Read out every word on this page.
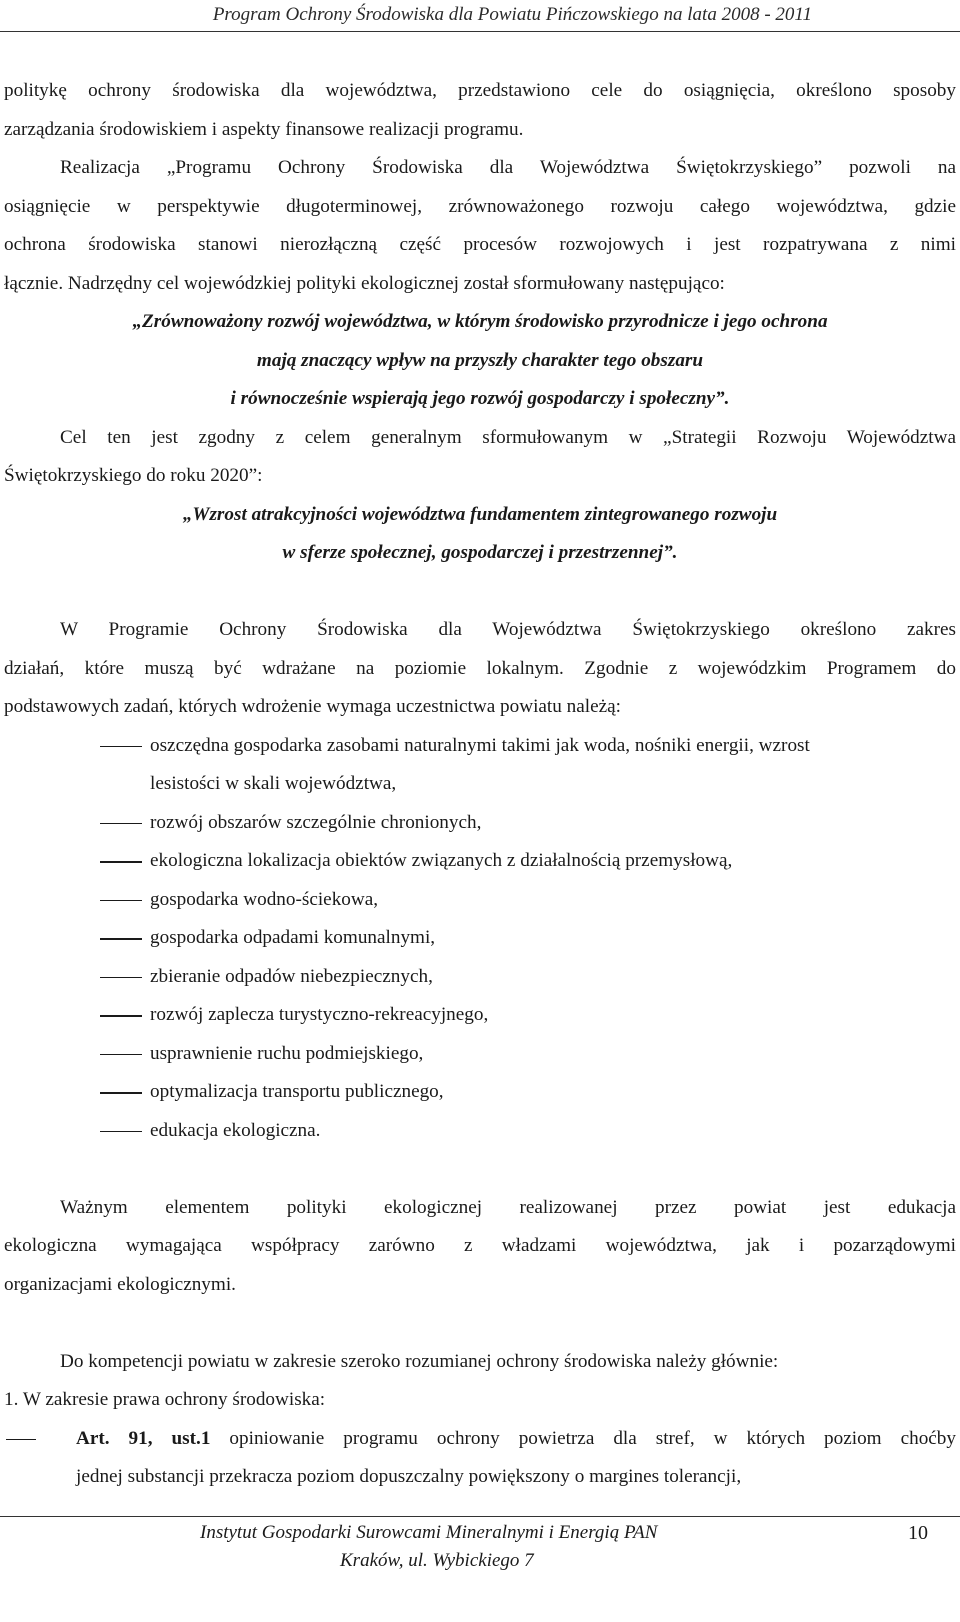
Program Ochrony Środowiska dla Powiatu Pińczowskiego na lata 2008 - 2011
politykę ochrony środowiska dla województwa, przedstawiono cele do osiągnięcia, określono sposoby
zarządzania środowiskiem i aspekty finansowe realizacji programu.
Realizacja „Programu Ochrony Środowiska dla Województwa Świętokrzyskiego” pozwoli na
osiągnięcie w perspektywie długoterminowej, zrównoważonego rozwoju całego województwa, gdzie
ochrona środowiska stanowi nierozłączną część procesów rozwojowych i jest rozpatrywana z nimi
łącznie. Nadrzędny cel wojewódzkiej polityki ekologicznej został sformułowany następująco:
„Zrównoważony rozwój województwa, w którym środowisko przyrodnicze i jego ochrona
mają znaczący wpływ na przyszły charakter tego obszaru
i równocześnie wspierają jego rozwój gospodarczy i społeczny”.
Cel ten jest zgodny z celem generalnym sformułowanym w „Strategii Rozwoju Województwa
Świętokrzyskiego do roku 2020”:
„Wzrost atrakcyjności województwa fundamentem zintegrowanego rozwoju
w sferze społecznej, gospodarczej i przestrzennej”.
W Programie Ochrony Środowiska dla Województwa Świętokrzyskiego określono zakres
działań, które muszą być wdrażane na poziomie lokalnym. Zgodnie z wojewódzkim Programem do
podstawowych zadań, których wdrożenie wymaga uczestnictwa powiatu należą:
oszczędna gospodarka zasobami naturalnymi takimi jak woda, nośniki energii, wzrost
lesistości w skali województwa,
rozwój obszarów szczególnie chronionych,
ekologiczna lokalizacja obiektów związanych z działalnością przemysłową,
gospodarka wodno-ściekowa,
gospodarka odpadami komunalnymi,
zbieranie odpadów niebezpiecznych,
rozwój zaplecza turystyczno-rekreacyjnego,
usprawnienie ruchu podmiejskiego,
optymalizacja transportu publicznego,
edukacja ekologiczna.
Ważnym elementem polityki ekologicznej realizowanej przez powiat jest edukacja
ekologiczna wymagająca współpracy zarówno z władzami województwa, jak i pozarządowymi
organizacjami ekologicznymi.
Do kompetencji powiatu w zakresie szeroko rozumianej ochrony środowiska należy głównie:
1. W zakresie prawa ochrony środowiska:
Art. 91, ust.1 opiniowanie programu ochrony powietrza dla stref, w których poziom choćby
jednej substancji przekracza poziom dopuszczalny powiększony o margines tolerancji,
Instytut Gospodarki Surowcami Mineralnymi i Energią PAN
Kraków, ul. Wybickiego 7
10
